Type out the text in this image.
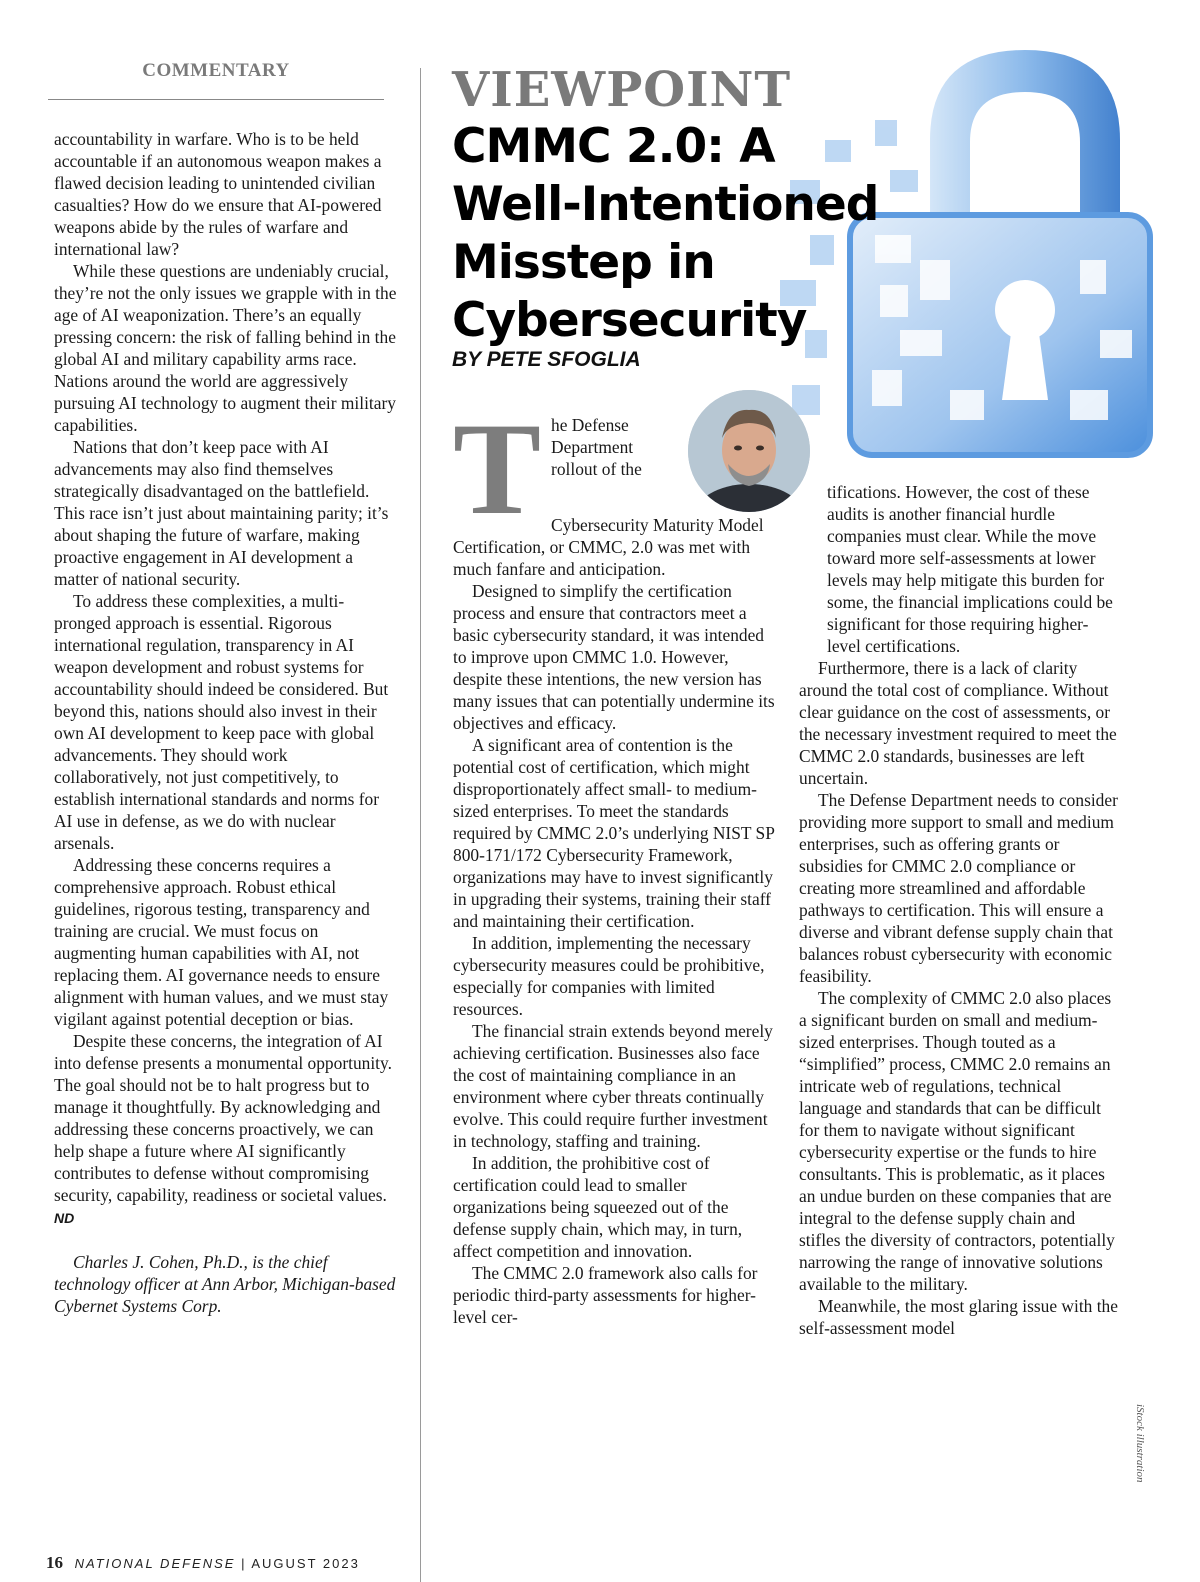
COMMENTARY

accountability in warfare. Who is to be held accountable if an autonomous weapon makes a flawed decision leading to unintended civilian casualties? How do we ensure that AI-powered weapons abide by the rules of warfare and international law?

While these questions are undeniably crucial, they’re not the only issues we grapple with in the age of AI weaponization. There’s an equally pressing concern: the risk of falling behind in the global AI and military capability arms race. Nations around the world are aggressively pursuing AI technology to augment their military capabilities.

Nations that don’t keep pace with AI advancements may also find themselves strategically disadvantaged on the battlefield. This race isn’t just about maintaining parity; it’s about shaping the future of warfare, making proactive engagement in AI development a matter of national security.

To address these complexities, a multi-pronged approach is essential. Rigorous international regulation, transparency in AI weapon development and robust systems for accountability should indeed be considered. But beyond this, nations should also invest in their own AI development to keep pace with global advancements. They should work collaboratively, not just competitively, to establish international standards and norms for AI use in defense, as we do with nuclear arsenals.

Addressing these concerns requires a comprehensive approach. Robust ethical guidelines, rigorous testing, transparency and training are crucial. We must focus on augmenting human capabilities with AI, not replacing them. AI governance needs to ensure alignment with human values, and we must stay vigilant against potential deception or bias.

Despite these concerns, the integration of AI into defense presents a monumental opportunity. The goal should not be to halt progress but to manage it thoughtfully. By acknowledging and addressing these concerns proactively, we can help shape a future where AI significantly contributes to defense without compromising security, capability, readiness or societal values. ND

Charles J. Cohen, Ph.D., is the chief technology officer at Ann Arbor, Michigan-based Cybernet Systems Corp.

VIEWPOINT
CMMC 2.0: A
Well-Intentioned
Misstep in
Cybersecurity
BY PETE SFOGLIA
T he Defense Department rollout of the Cybersecurity Maturity Model Certification, or CMMC, 2.0 was met with much fanfare and anticipation.

Designed to simplify the certification process and ensure that contractors meet a basic cybersecurity standard, it was intended to improve upon CMMC 1.0. However, despite these intentions, the new version has many issues that can potentially undermine its objectives and efficacy.

A significant area of contention is the potential cost of certification, which might disproportionately affect small- to medium-sized enterprises. To meet the standards required by CMMC 2.0’s underlying NIST SP 800-171/172 Cybersecurity Framework, organizations may have to invest significantly in upgrading their systems, training their staff and maintaining their certification.

In addition, implementing the necessary cybersecurity measures could be prohibitive, especially for companies with limited resources.

The financial strain extends beyond merely achieving certification. Businesses also face the cost of maintaining compliance in an environment where cyber threats continually evolve. This could require further investment in technology, staffing and training.

In addition, the prohibitive cost of certification could lead to smaller organizations being squeezed out of the defense supply chain, which may, in turn, affect competition and innovation.

The CMMC 2.0 framework also calls for periodic third-party assessments for higher-level cer-

tifications. However, the cost of these audits is another financial hurdle companies must clear. While the move toward more self-assessments at lower levels may help mitigate this burden for some, the financial implications could be significant for those requiring higher-level certifications.

Furthermore, there is a lack of clarity around the total cost of compliance. Without clear guidance on the cost of assessments, or the necessary investment required to meet the CMMC 2.0 standards, businesses are left uncertain.

The Defense Department needs to consider providing more support to small and medium enterprises, such as offering grants or subsidies for CMMC 2.0 compliance or creating more streamlined and affordable pathways to certification. This will ensure a diverse and vibrant defense supply chain that balances robust cybersecurity with economic feasibility.

The complexity of CMMC 2.0 also places a significant burden on small and medium-sized enterprises. Though touted as a “simplified” process, CMMC 2.0 remains an intricate web of regulations, technical language and standards that can be difficult for them to navigate without significant cybersecurity expertise or the funds to hire consultants. This is problematic, as it places an undue burden on these companies that are integral to the defense supply chain and stifles the diversity of contractors, potentially narrowing the range of innovative solutions available to the military.

Meanwhile, the most glaring issue with the self-assessment model

iStock illustration
16 NATIONAL DEFENSE | AUGUST 2023
